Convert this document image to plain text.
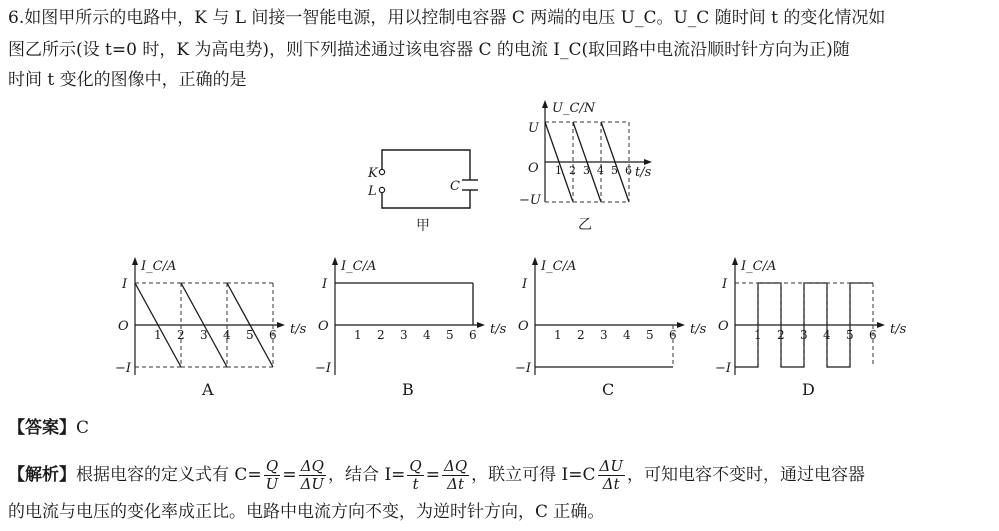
6.如图甲所示的电路中，K 与 L 间接一智能电源，用以控制电容器 C 两端的电压 U_C。U_C 随时间 t 的变化情况如
图乙所示(设 t=0 时，K 为高电势)，则下列描述通过该电容器 C 的电流 I_C(取回路中电流沿顺时针方向为正)随
时间 t 变化的图像中，正确的是
K
L	C
甲
1 2 3 4 5 6
U_C/N
U
O
−U
t/s
乙
I_C/A
I
O
−I
t/s
1 2 3 4 5 6
A
I_C/A
I
O
−I
t/s
1 2 3 4 5 6
B
I_C/A
I
O
−I
t/s
1 2 3 4 5 6
C
I_C/A
I
O
−I
t/s
1 2 3 4 5 6
D
【答案】C
【解析】根据电容的定义式有 $C= \frac{Q}{U} = \frac{\Delta Q}{\Delta U}$ ，结合 $I= \frac{Q}{t} = \frac{\Delta Q}{\Delta t}$ ，联立可得 $I=C \frac{\Delta U}{\Delta t}$ ，可知电容不变时，通过电容器
的电流与电压的变化率成正比。电路中电流方向不变，为逆时针方向，C 正确。
